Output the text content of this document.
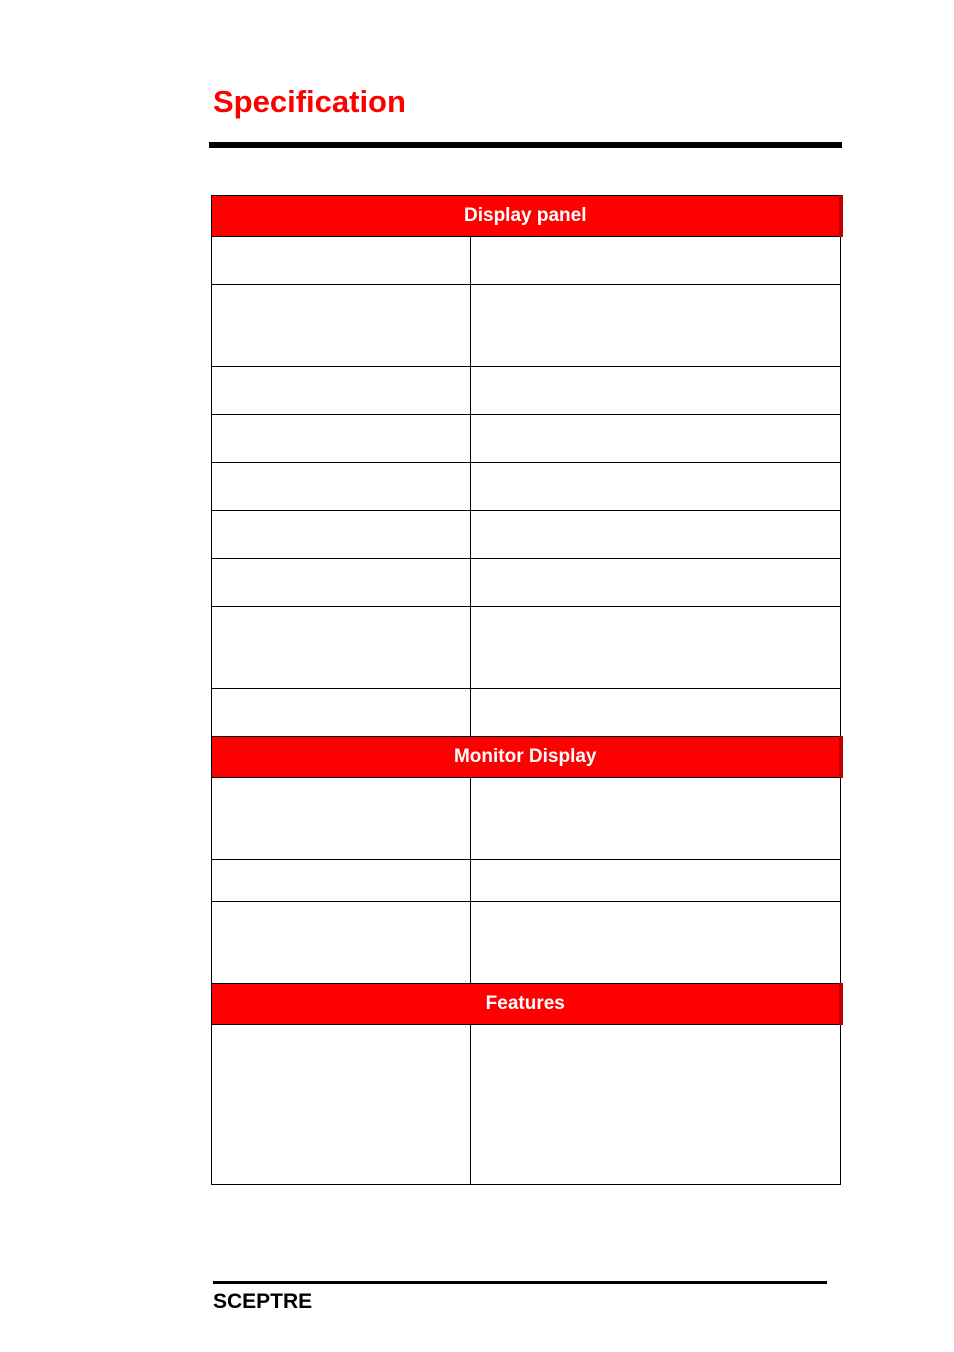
Specification
Display panel	

Monitor Display	

Features	

SCEPTRE
